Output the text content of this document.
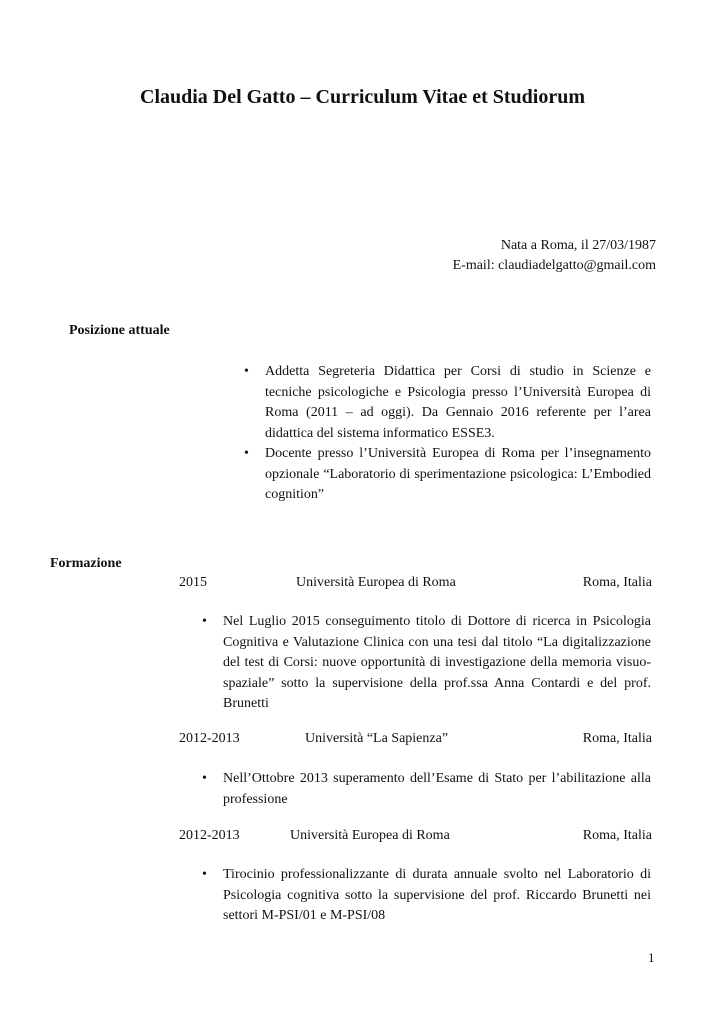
Claudia Del Gatto – Curriculum Vitae et Studiorum
Nata a Roma, il 27/03/1987
E-mail: claudiadelgatto@gmail.com
Posizione attuale
• Addetta Segreteria Didattica per Corsi di studio in Scienze e tecniche psicologiche e Psicologia presso l’Università Europea di Roma (2011 – ad oggi). Da Gennaio 2016 referente per l’area didattica del sistema informatico ESSE3.
• Docente presso l’Università Europea di Roma per l’insegnamento opzionale “Laboratorio di sperimentazione psicologica: L’Embodied cognition”
Formazione
2015	Università Europea di Roma	Roma, Italia
• Nel Luglio 2015 conseguimento titolo di Dottore di ricerca in Psicologia Cognitiva e Valutazione Clinica con una tesi dal titolo “La digitalizzazione del test di Corsi: nuove opportunità di investigazione della memoria visuo-spaziale” sotto la supervisione della prof.ssa Anna Contardi e del prof. Brunetti
2012-2013	Università “La Sapienza”	Roma, Italia
• Nell’Ottobre 2013 superamento dell’Esame di Stato per l’abilitazione alla professione
2012-2013	Università Europea di Roma	Roma, Italia
• Tirocinio professionalizzante di durata annuale svolto nel Laboratorio di Psicologia cognitiva sotto la supervisione del prof. Riccardo Brunetti nei settori M-PSI/01 e M-PSI/08
1
